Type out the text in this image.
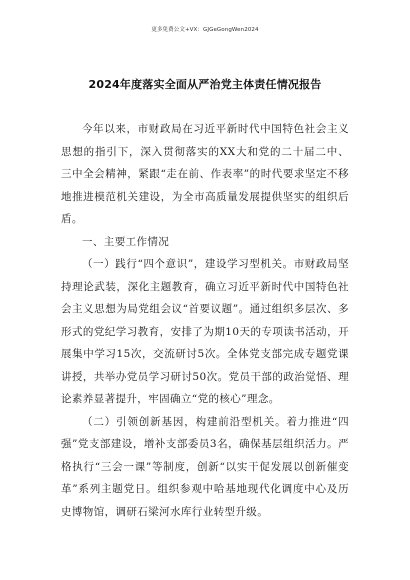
更多免费公文+VX：GJGeGongWen2024
2024年度落实全面从严治党主体责任情况报告

今年以来，市财政局在习近平新时代中国特色社会主义思想的指引下，深入贯彻落实的XX大和党的二十届二中、三中全会精神，紧跟“走在前、作表率”的时代要求坚定不移地推进模范机关建设，为全市高质量发展提供坚实的组织后盾。

一、主要工作情况

（一）践行“四个意识”，建设学习型机关。市财政局坚持理论武装，深化主题教育，确立习近平新时代中国特色社会主义思想为局党组会议“首要议题”。通过组织多层次、多形式的党纪学习教育，安排了为期10天的专项读书活动，开展集中学习15次，交流研讨5次。全体党支部完成专题党课讲授，共举办党员学习研讨50次。党员干部的政治觉悟、理论素养显著提升，牢固确立“党的核心”理念。

（二）引领创新基因，构建前沿型机关。着力推进“四强”党支部建设，增补支部委员3名，确保基层组织活力。严格执行“三会一课”等制度，创新“以实干促发展以创新催变革”系列主题党日。组织参观中哈基地现代化调度中心及历史博物馆，调研石梁河水库行业转型升级。
